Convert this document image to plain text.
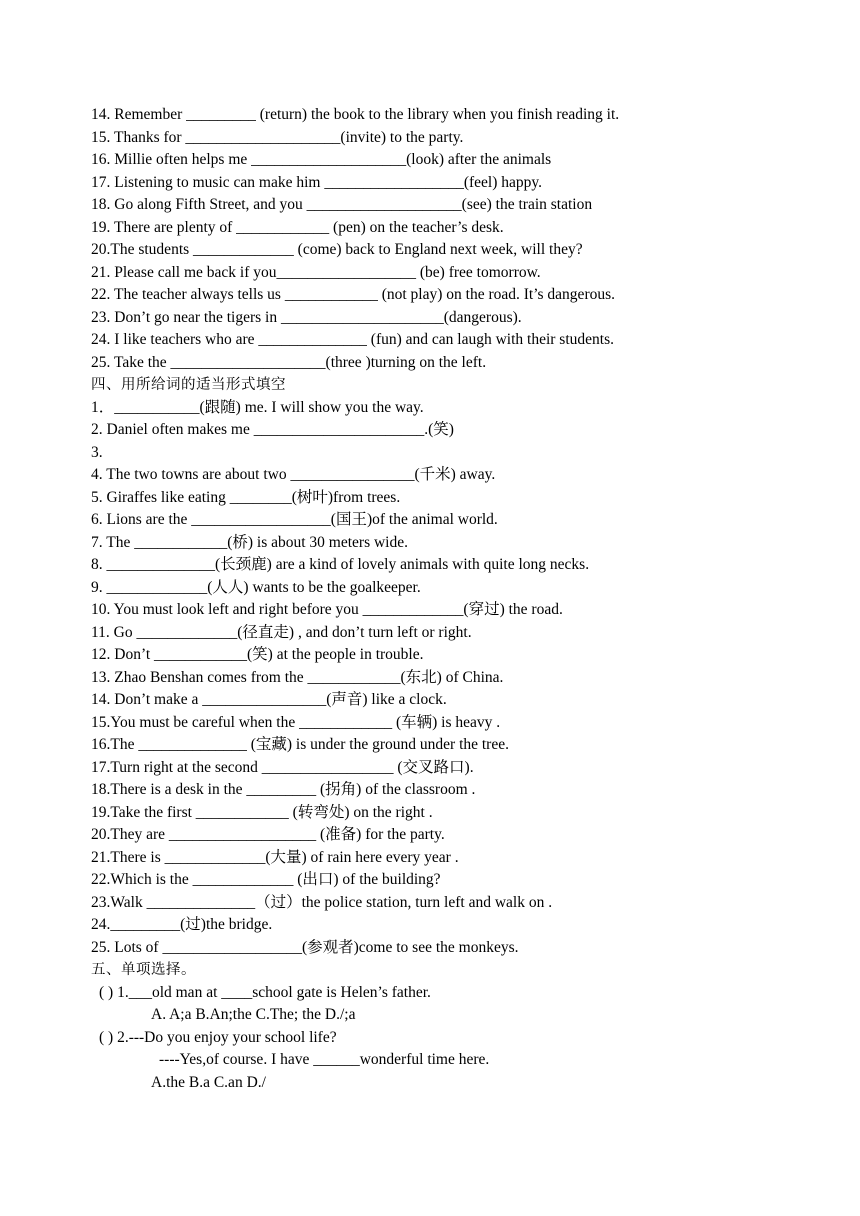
14. Remember _________ (return) the book to the library when you finish reading it.
15. Thanks for ____________________(invite) to the party.
16. Millie often helps me ____________________(look) after the animals
17. Listening to music can make him __________________(feel) happy.
18. Go along Fifth Street, and you ____________________(see) the train station
19. There are plenty of ____________ (pen) on the teacher’s desk.
20.The students _____________ (come) back to England next week, will they?
21. Please call me back if you__________________ (be) free tomorrow.
22. The teacher always tells us ____________ (not play) on the road. It’s dangerous.
23. Don’t go near the tigers in _____________________(dangerous).
24. I like teachers who are ______________ (fun) and can laugh with their students.
25. Take the ____________________(three )turning on the left.
四、用所给词的适当形式填空
1．___________(跟随) me. I will show you the way.
2. Daniel often makes me ______________________.(笑)
3.
4. The two towns are about two ________________(千米) away.
5. Giraffes like eating ________(树叶)from trees.
6. Lions are the __________________(国王)of the animal world.
7. The ____________(桥) is about 30 meters wide.
8. ______________(长颈鹿) are a kind of lovely animals with quite long necks.
9. _____________(人人) wants to be the goalkeeper.
10. You must look left and right before you _____________(穿过) the road.
11. Go _____________(径直走) , and don’t turn left or right.
12. Don’t ____________(笑) at the people in trouble.
13. Zhao Benshan comes from the ____________(东北) of China.
14. Don’t make a ________________(声音) like a clock.
15.You must be careful when the ____________ (车辆) is heavy .
16.The ______________ (宝藏) is under the ground under the tree.
17.Turn right at the second _________________ (交叉路口).
18.There is a desk in the _________ (拐角) of the classroom .
19.Take the first ____________ (转弯处) on the right .
20.They are ___________________ (准备) for the party.
21.There is _____________(大量) of rain here every year .
22.Which is the _____________ (出口) of the building?
23.Walk ______________（过）the police station, turn left and walk on .
24._________(过)the bridge.
25. Lots of __________________(参观者)come to see the monkeys.
五、单项选择。
( ) 1.___old man at ____school gate is Helen’s father.
A. A;a B.An;the C.The; the D./;a
( ) 2.---Do you enjoy your school life?
----Yes,of course. I have ______wonderful time here.
A.the B.a C.an D./
